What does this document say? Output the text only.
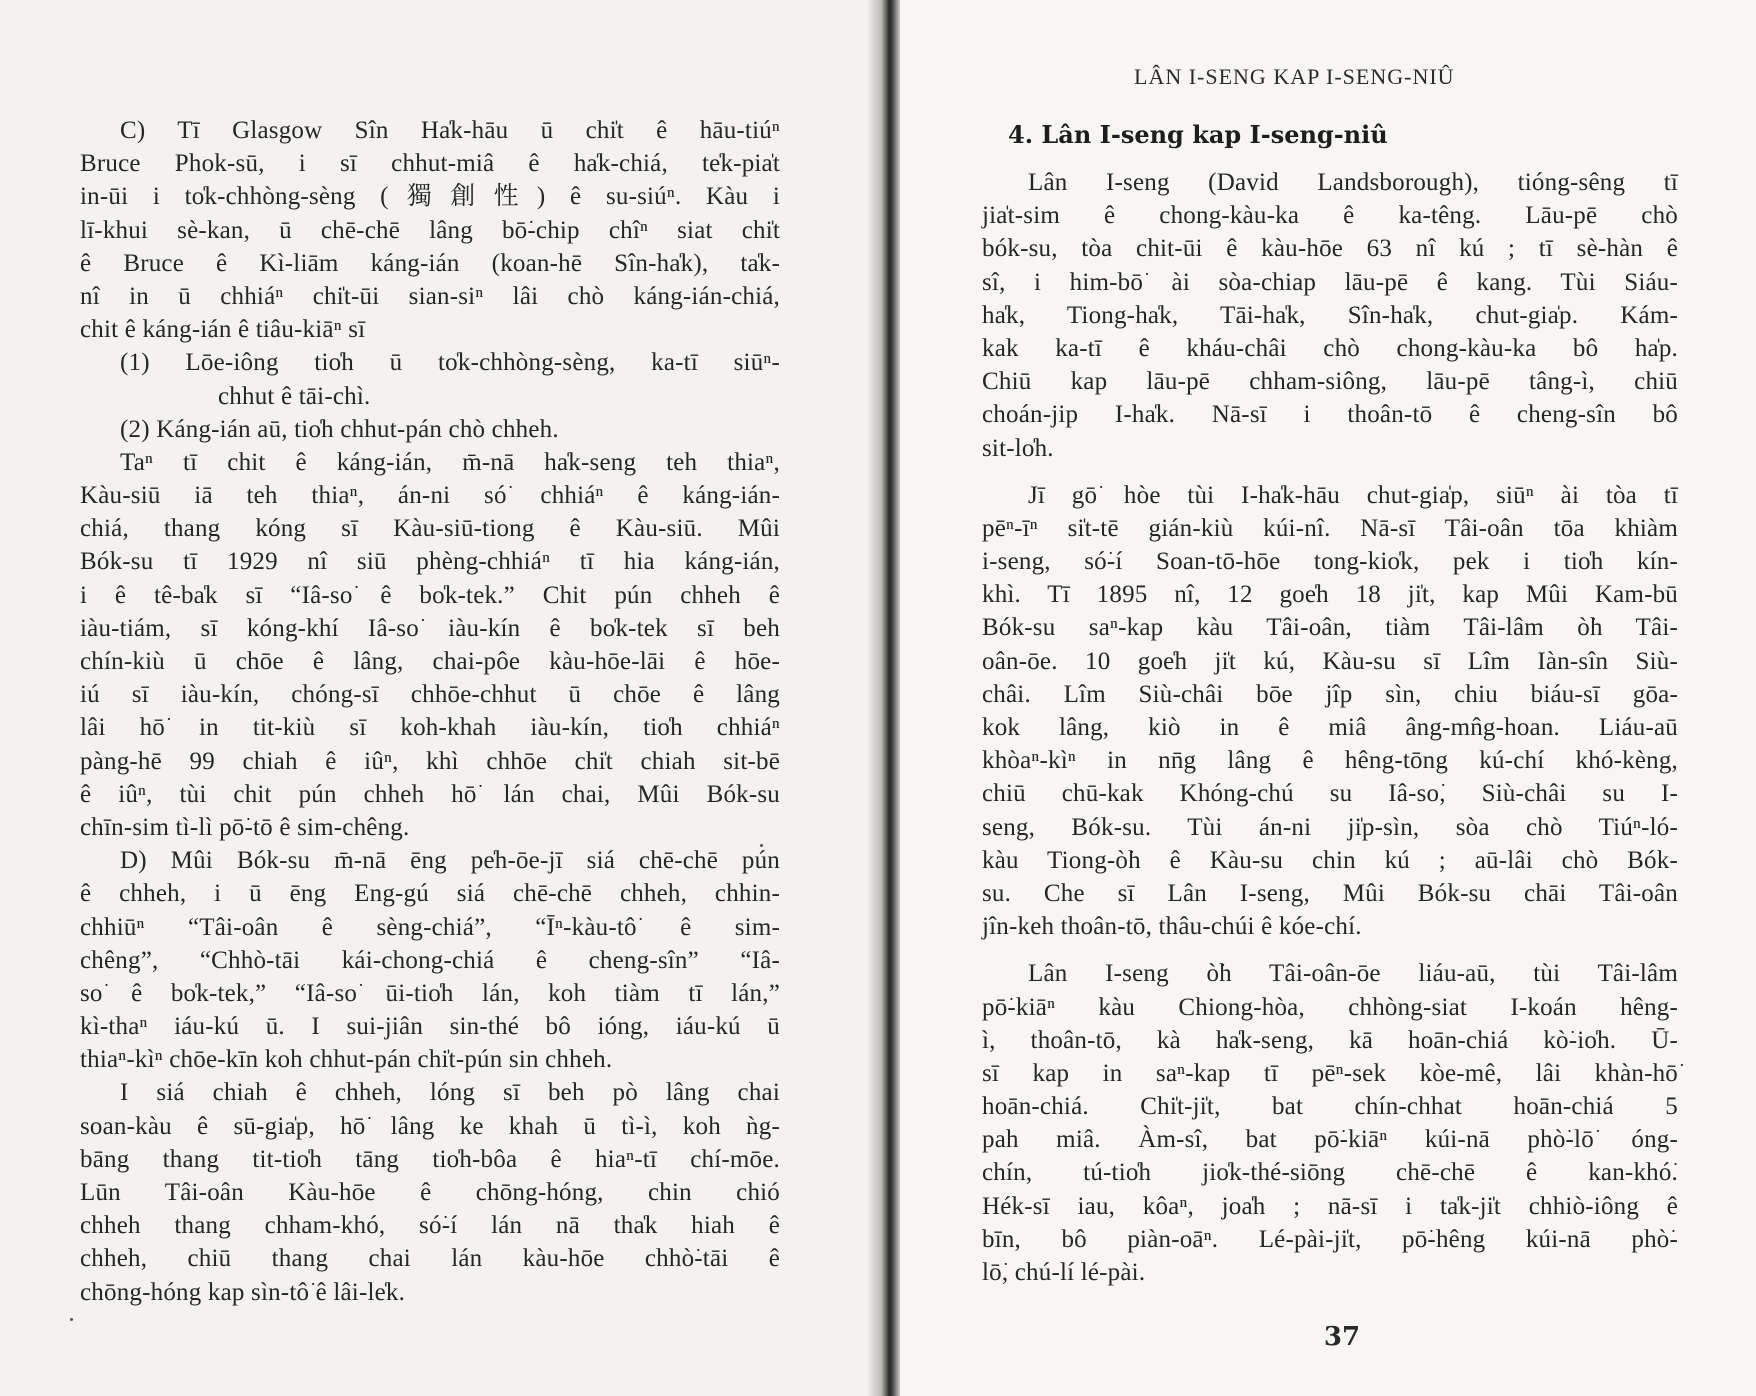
C) Tī Glasgow Sîn Ha̍k-hāu ū chi̍t ê hāu-tiúⁿ
Bruce Phok-sū, i sī chhut-miâ ê ha̍k-chiá, te̍k-pia̍t
in-ūi i to̍k-chhòng-sèng (獨創性) ê su-siúⁿ. Kàu i
lī-khui sè-kan, ū chē-chē lâng bō͘-chip chîⁿ siat chi̍t
ê Bruce ê Kì-liām káng-ián (koan-hē Sîn-ha̍k), ta̍k-
nî in ū chhiáⁿ chi̍t-ūi sian-siⁿ lâi chò káng-ián-chiá,
chit ê káng-ián ê tiâu-kiāⁿ sī
(1) Lōe-iông tio̍h ū to̍k-chhòng-sèng, ka-tī siūⁿ-
chhut ê tāi-chì.
(2) Káng-ián aū, tio̍h chhut-pán chò chheh.
Taⁿ tī chit ê káng-ián, m̄-nā ha̍k-seng teh thiaⁿ,
Kàu-siū iā teh thiaⁿ, án-ni só͘ chhiáⁿ ê káng-ián-
chiá, thang kóng sī Kàu-siū-tiong ê Kàu-siū. Mûi
Bók-su tī 1929 nî siū phèng-chhiáⁿ tī hia káng-ián,
i ê tê-ba̍k sī “Iâ-so͘ ê bo̍k-tek.” Chit pún chheh ê
iàu-tiám, sī kóng-khí Iâ-so͘ iàu-kín ê bo̍k-tek sī beh
chín-kiù ū chōe ê lâng, chai-pôe kàu-hōe-lāi ê hōe-
iú sī iàu-kín, chóng-sī chhōe-chhut ū chōe ê lâng
lâi hō͘ in tit-kiù sī koh-khah iàu-kín, tio̍h chhiáⁿ
pàng-hē 99 chiah ê iûⁿ, khì chhōe chi̍t chiah sit-bē
ê iûⁿ, tùi chit pún chheh hō͘ lán chai, Mûi Bók-su
chīn-sim tì-lì pō͘-tō ê sim-chêng.
D) Mûi Bók-su m̄-nā ēng pe̍h-ōe-jī siá chē-chē pún
ê chheh, i ū ēng Eng-gú siá chē-chē chheh, chhin-
chhiūⁿ “Tâi-oân ê sèng-chiá”, “Īⁿ-kàu-tô͘ ê sim-
chêng”, “Chhò-tāi kái-chong-chiá ê cheng-sîn” “Iâ-
so͘ ê bo̍k-tek,” “Iâ-so͘ ūi-tio̍h lán, koh tiàm tī lán,”
kì-thaⁿ iáu-kú ū. I sui-jiân sin-thé bô ióng, iáu-kú ū
thiaⁿ-kìⁿ chōe-kīn koh chhut-pán chi̍t-pún sin chheh.
I siá chiah ê chheh, lóng sī beh pò lâng chai
soan-kàu ê sū-gia̍p, hō͘ lâng ke khah ū tì-ì, koh ǹg-
bāng thang tit-tio̍h tāng tio̍h-bôa ê hiaⁿ-tī chí-mōe.
Lūn Tâi-oân Kàu-hōe ê chōng-hóng, chin chió
chheh thang chham-khó, só͘-í lán nā tha̍k hiah ê
chheh, chiū thang chai lán kàu-hōe chhò͘-tāi ê
chōng-hóng kap sìn-tô͘ ê lâi-le̍k.
LÂN I-SENG KAP I-SENG-NIÛ
4. Lân I-seng kap I-seng-niû
Lân I-seng (David Landsborough), tióng-sêng tī
jia̍t-sim ê chong-kàu-ka ê ka-têng. Lāu-pē chò
bók-su, tòa chit-ūi ê kàu-hōe 63 nî kú ; tī sè-hàn ê
sî, i him-bō͘ ài sòa-chiap lāu-pē ê kang. Tùi Siáu-
ha̍k, Tiong-ha̍k, Tāi-ha̍k, Sîn-ha̍k, chut-gia̍p. Kám-
kak ka-tī ê kháu-châi chò chong-kàu-ka bô ha̍p.
Chiū kap lāu-pē chham-siông, lāu-pē tâng-ì, chiū
choán-jip I-ha̍k. Nā-sī i thoân-tō ê cheng-sîn bô
sit-lo̍h.
Jī gō͘ hòe tùi I-ha̍k-hāu chut-gia̍p, siūⁿ ài tòa tī
pēⁿ-īⁿ si̍t-tē gián-kiù kúi-nî. Nā-sī Tâi-oân tōa khiàm
i-seng, só͘-í Soan-tō-hōe tong-kio̍k, pek i tio̍h kín-
khì. Tī 1895 nî, 12 goe̍h 18 ji̍t, kap Mûi Kam-bū
Bók-su saⁿ-kap kàu Tâi-oân, tiàm Tâi-lâm ò͘h Tâi-
oân-ōe. 10 goe̍h ji̍t kú, Kàu-su sī Lîm Iàn-sîn Siù-
châi. Lîm Siù-châi bōe jîp sìn, chiu biáu-sī gōa-
kok lâng, kiò in ê miâ âng-mn̂g-hoan. Liáu-aū
khòaⁿ-kìⁿ in nn̄g lâng ê hêng-tōng kú-chí khó-kèng,
chiū chū-kak Khóng-chú su Iâ-so͘, Siù-châi su I-
seng, Bók-su. Tùi án-ni ji̍p-sìn, sòa chò Tiúⁿ-ló-
kàu Tiong-ò͘h ê Kàu-su chin kú ; aū-lâi chò Bók-
su. Che sī Lân I-seng, Mûi Bók-su chāi Tâi-oân
jîn-keh thoân-tō, thâu-chúi ê kóe-chí.
Lân I-seng ò͘h Tâi-oân-ōe liáu-aū, tùi Tâi-lâm
pō͘-kiāⁿ kàu Chiong-hòa, chhòng-siat I-koán hêng-
ì, thoân-tō, kà ha̍k-seng, kā hoān-chiá kò͘-io̍h. Ū-
sī kap in saⁿ-kap tī pēⁿ-sek kòe-mê, lâi khàn-hō͘
hoān-chiá. Chi̍t-ji̍t, bat chín-chhat hoān-chiá 5
pah miâ. Àm-sî, bat pō͘-kiāⁿ kúi-nā phò͘-lō͘ óng-
chín, tú-tio̍h jio̍k-thé-siōng chē-chē ê kan-khó͘.
Hék-sī iau, kôaⁿ, joa̍h ; nā-sī i ta̍k-ji̍t chhiò-iông ê
bīn, bô piàn-oāⁿ. Lé-pài-ji̍t, pō͘-hêng kúi-nā phò͘-
lō͘, chú-lí lé-pài.
37
